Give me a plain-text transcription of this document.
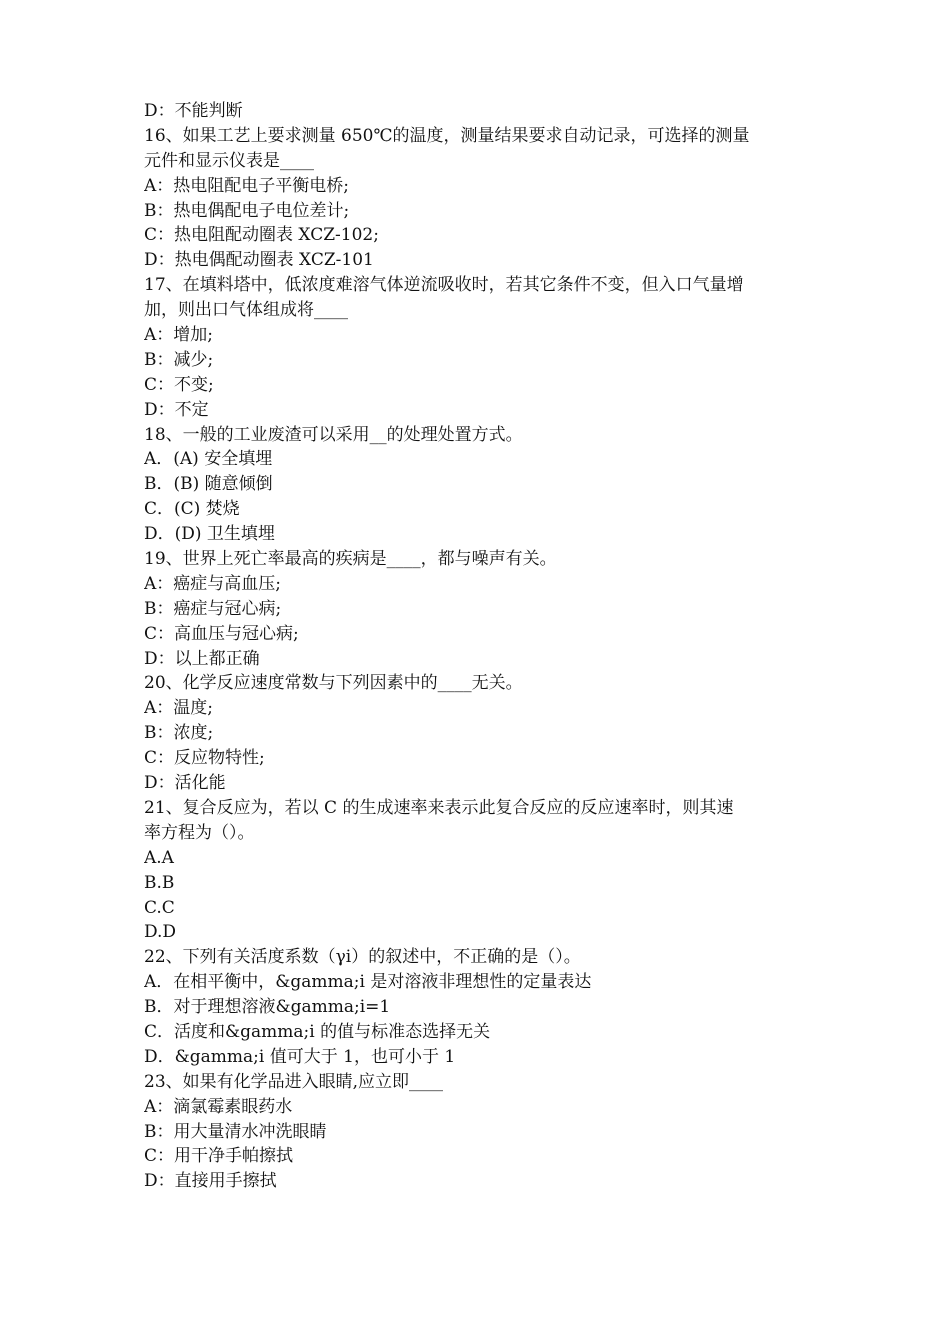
D：不能判断
16、如果工艺上要求测量 650℃的温度，测量结果要求自动记录，可选择的测量
元件和显示仪表是____
A：热电阻配电子平衡电桥;
B：热电偶配电子电位差计;
C：热电阻配动圈表 XCZ-102;
D：热电偶配动圈表 XCZ-101
17、在填料塔中，低浓度难溶气体逆流吸收时，若其它条件不变，但入口气量增
加，则出口气体组成将____
A：增加;
B：减少;
C：不变;
D：不定
18、一般的工业废渣可以采用__的处理处置方式。
A．(A) 安全填埋
B．(B) 随意倾倒
C．(C) 焚烧
D．(D) 卫生填埋
19、世界上死亡率最高的疾病是____，都与噪声有关。
A：癌症与高血压;
B：癌症与冠心病;
C：高血压与冠心病;
D：以上都正确
20、化学反应速度常数与下列因素中的____无关。
A：温度;
B：浓度;
C：反应物特性;
D：活化能
21、复合反应为，若以 C 的生成速率来表示此复合反应的反应速率时，则其速
率方程为（）。
A.A
B.B
C.C
D.D
22、下列有关活度系数（γi）的叙述中，不正确的是（）。
A．在相平衡中，&gamma;i 是对溶液非理想性的定量表达
B．对于理想溶液&gamma;i=1
C．活度和&gamma;i 的值与标准态选择无关
D．&gamma;i 值可大于 1，也可小于 1
23、如果有化学品进入眼睛,应立即____
A：滴氯霉素眼药水
B：用大量清水冲洗眼睛
C：用干净手帕擦拭
D：直接用手擦拭
